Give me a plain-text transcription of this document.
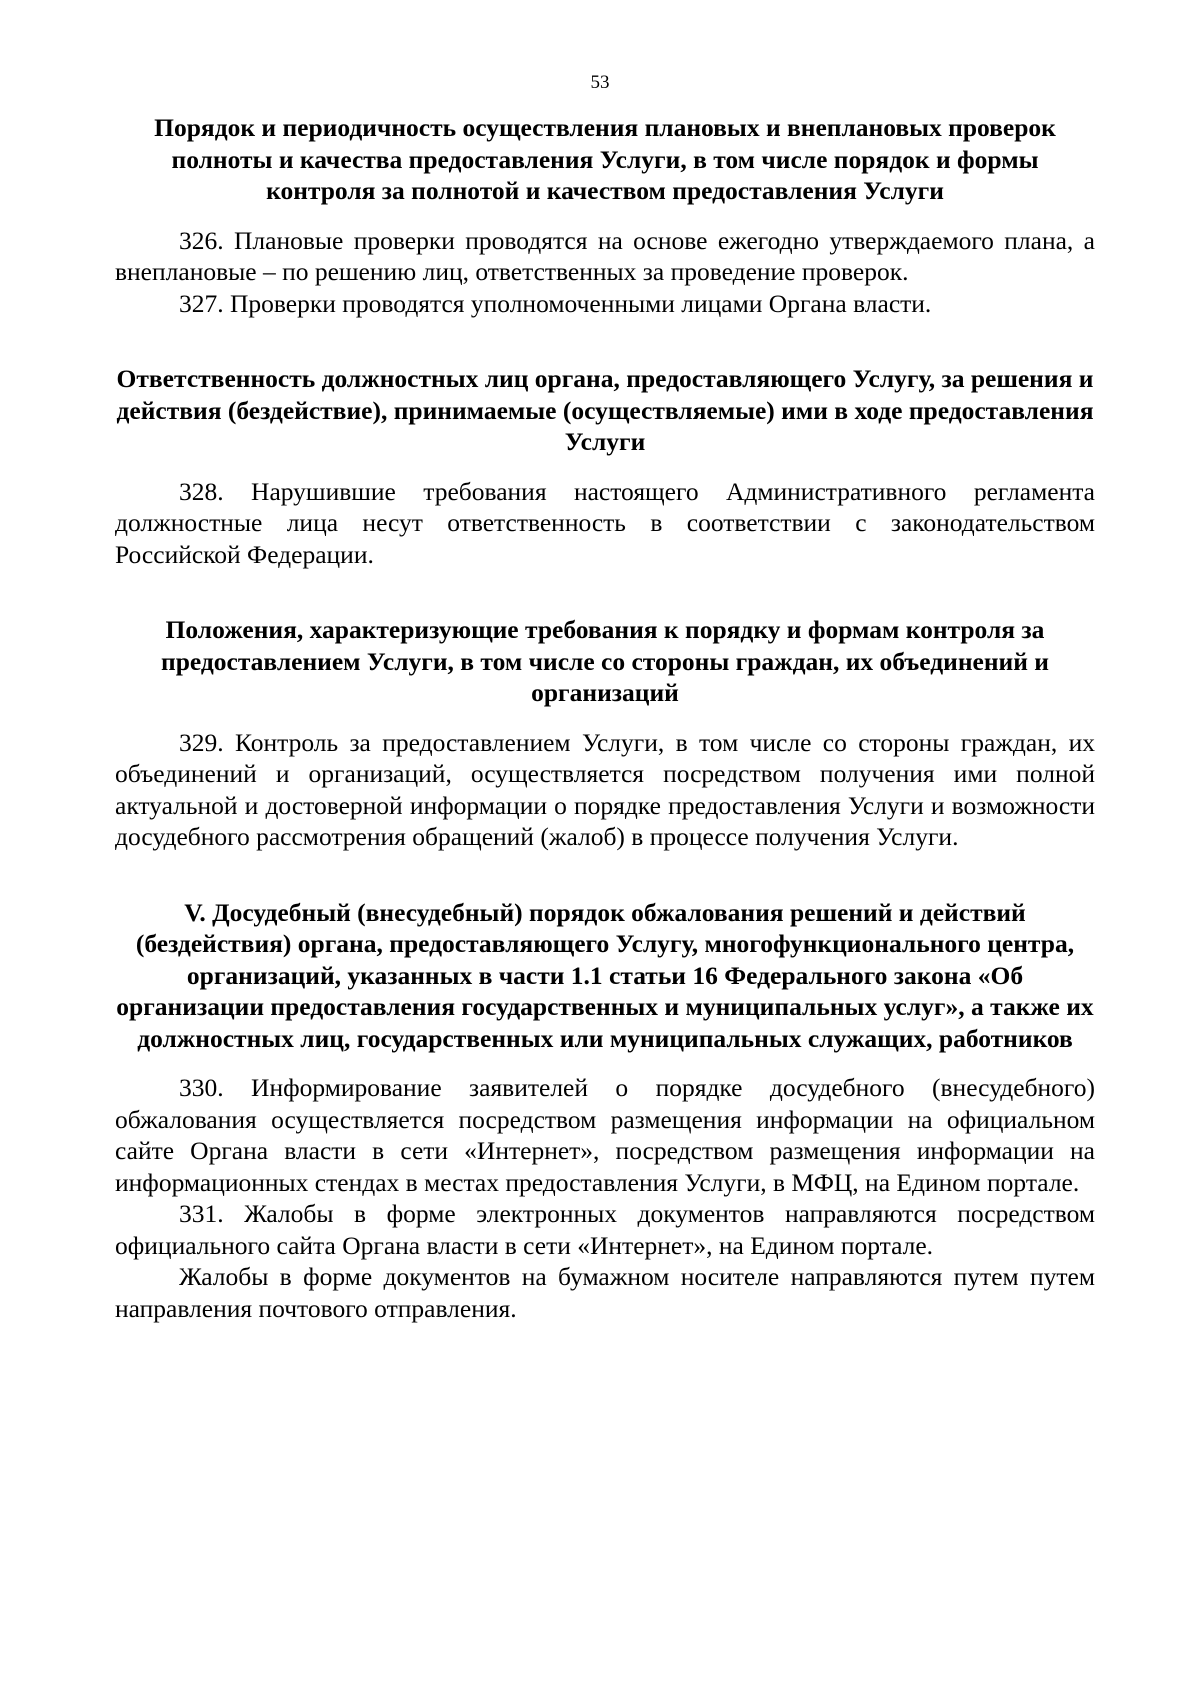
53

Порядок и периодичность осуществления плановых и внеплановых проверок полноты и качества предоставления Услуги, в том числе порядок и формы контроля за полнотой и качеством предоставления Услуги

326. Плановые проверки проводятся на основе ежегодно утверждаемого плана, а внеплановые – по решению лиц, ответственных за проведение проверок.

327. Проверки проводятся уполномоченными лицами Органа власти.

Ответственность должностных лиц органа, предоставляющего Услугу, за решения и действия (бездействие), принимаемые (осуществляемые) ими в ходе предоставления Услуги

328. Нарушившие требования настоящего Административного регламента должностные лица несут ответственность в соответствии с законодательством Российской Федерации.

Положения, характеризующие требования к порядку и формам контроля за предоставлением Услуги, в том числе со стороны граждан, их объединений и организаций

329. Контроль за предоставлением Услуги, в том числе со стороны граждан, их объединений и организаций, осуществляется посредством получения ими полной актуальной и достоверной информации о порядке предоставления Услуги и возможности досудебного рассмотрения обращений (жалоб) в процессе получения Услуги.

V. Досудебный (внесудебный) порядок обжалования решений и действий (бездействия) органа, предоставляющего Услугу, многофункционального центра, организаций, указанных в части 1.1 статьи 16 Федерального закона «Об организации предоставления государственных и муниципальных услуг», а также их должностных лиц, государственных или муниципальных служащих, работников

330. Информирование заявителей о порядке досудебного (внесудебного) обжалования осуществляется посредством размещения информации на официальном сайте Органа власти в сети «Интернет», посредством размещения информации на информационных стендах в местах предоставления Услуги, в МФЦ, на Едином портале.

331. Жалобы в форме электронных документов направляются посредством официального сайта Органа власти в сети «Интернет», на Едином портале.

Жалобы в форме документов на бумажном носителе направляются путем путем направления почтового отправления.
